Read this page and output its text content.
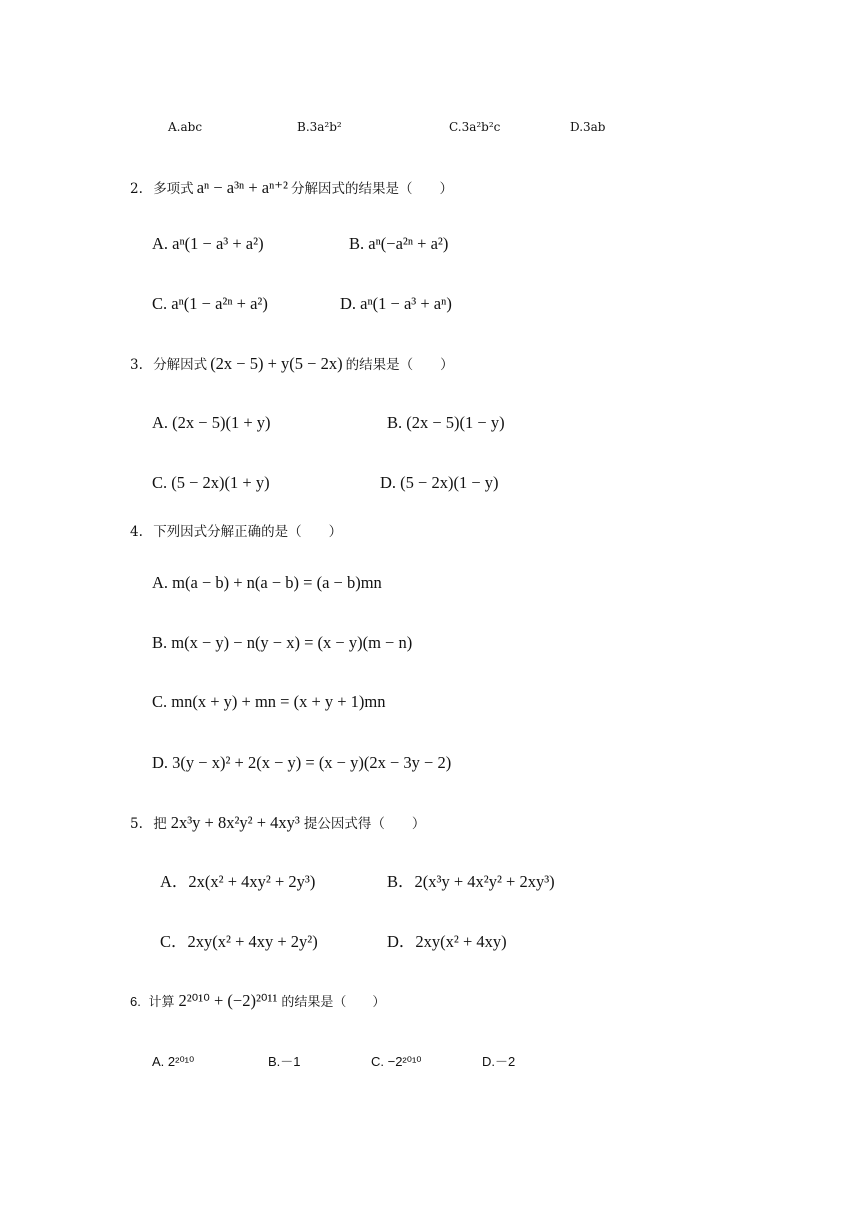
A.abc	B.3a²b²	C.3a²b²c	D.3ab
2. 多项式 aⁿ − a³ⁿ + aⁿ⁺² 分解因式的结果是（　　）
A. aⁿ(1 − a³ + a²)	B. aⁿ(−a²ⁿ + a²)
C. aⁿ(1 − a²ⁿ + a²)	D. aⁿ(1 − a³ + aⁿ)
3. 分解因式 (2x − 5) + y(5 − 2x) 的结果是（　　）
A. (2x − 5)(1 + y)	B. (2x − 5)(1 − y)
C. (5 − 2x)(1 + y)	D. (5 − 2x)(1 − y)
4. 下列因式分解正确的是（　　）
A. m(a − b) + n(a − b) = (a − b)mn
B. m(x − y) − n(y − x) = (x − y)(m − n)
C. mn(x + y) + mn = (x + y + 1)mn
D. 3(y − x)² + 2(x − y) = (x − y)(2x − 3y − 2)
5. 把 2x³y + 8x²y² + 4xy³ 提公因式得（　　）
A．2x(x² + 4xy² + 2y³)	B．2(x³y + 4x²y² + 2xy³)
C．2xy(x² + 4xy + 2y²)	D．2xy(x² + 4xy)
6. 计算 2²⁰¹⁰ + (−2)²⁰¹¹ 的结果是（　　）
A. 2²⁰¹⁰	B.－1	C. −2²⁰¹⁰	D.－2
